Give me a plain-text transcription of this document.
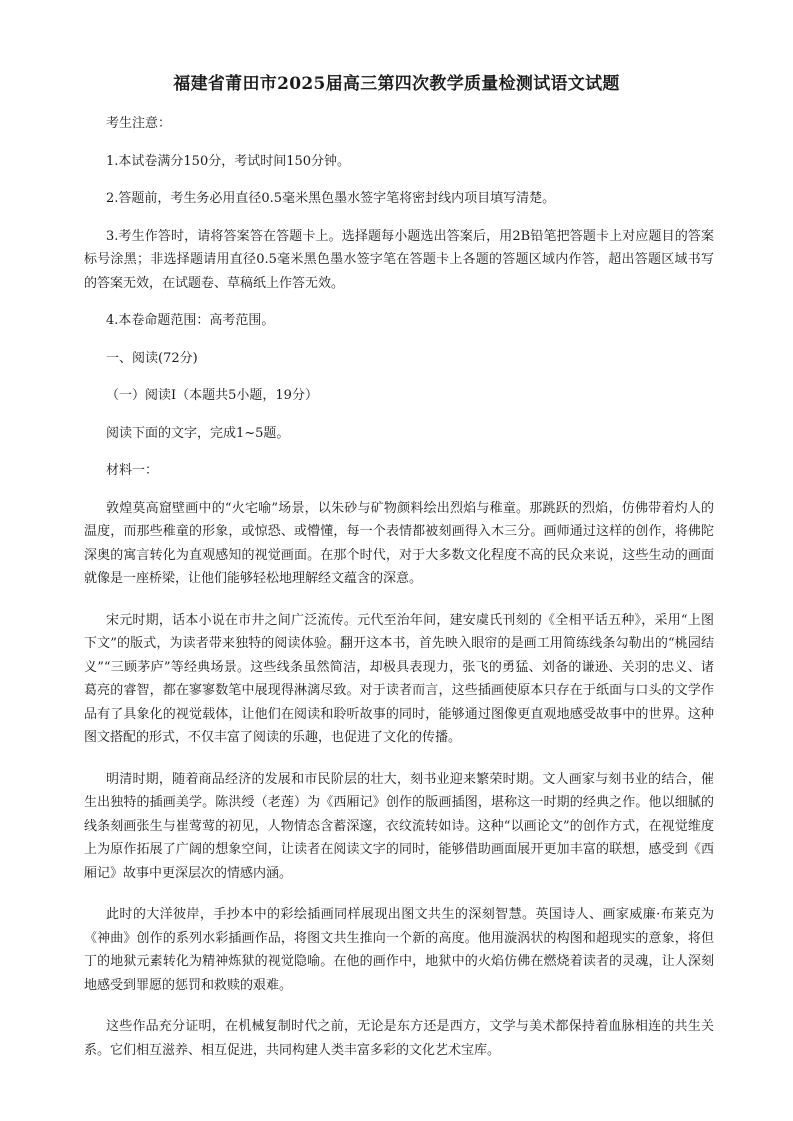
福建省莆田市2025届高三第四次教学质量检测试语文试题

考生注意：

1.本试卷满分150分，考试时间150分钟。

2.答题前，考生务必用直径0.5毫米黑色墨水签字笔将密封线内项目填写清楚。

3.考生作答时，请将答案答在答题卡上。选择题每小题选出答案后，用2B铅笔把答题卡上对应题目的答案标号涂黑；非选择题请用直径0.5毫米黑色墨水签字笔在答题卡上各题的答题区域内作答，超出答题区域书写的答案无效，在试题卷、草稿纸上作答无效。

4.本卷命题范围：高考范围。

一、阅读(72分)

（一）阅读Ⅰ（本题共5小题，19分）

阅读下面的文字，完成1~5题。

材料一：

敦煌莫高窟壁画中的“火宅喻”场景，以朱砂与矿物颜料绘出烈焰与稚童。那跳跃的烈焰，仿佛带着灼人的温度，而那些稚童的形象，或惊恐、或懵懂，每一个表情都被刻画得入木三分。画师通过这样的创作，将佛陀深奥的寓言转化为直观感知的视觉画面。在那个时代，对于大多数文化程度不高的民众来说，这些生动的画面就像是一座桥梁，让他们能够轻松地理解经文蕴含的深意。

宋元时期，话本小说在市井之间广泛流传。元代至治年间，建安虞氏刊刻的《全相平话五种》，采用“上图下文”的版式，为读者带来独特的阅读体验。翻开这本书，首先映入眼帘的是画工用简练线条勾勒出的“桃园结义”“三顾茅庐”等经典场景。这些线条虽然简洁，却极具表现力，张飞的勇猛、刘备的谦逊、关羽的忠义、诸葛亮的睿智，都在寥寥数笔中展现得淋漓尽致。对于读者而言，这些插画使原本只存在于纸面与口头的文学作品有了具象化的视觉载体，让他们在阅读和聆听故事的同时，能够通过图像更直观地感受故事中的世界。这种图文搭配的形式，不仅丰富了阅读的乐趣，也促进了文化的传播。

明清时期，随着商品经济的发展和市民阶层的壮大，刻书业迎来繁荣时期。文人画家与刻书业的结合，催生出独特的插画美学。陈洪绶（老莲）为《西厢记》创作的版画插图，堪称这一时期的经典之作。他以细腻的线条刻画张生与崔莺莺的初见，人物情态含蓄深邃，衣纹流转如诗。这种“以画论文”的创作方式，在视觉维度上为原作拓展了广阔的想象空间，让读者在阅读文字的同时，能够借助画面展开更加丰富的联想，感受到《西厢记》故事中更深层次的情感内涵。

此时的大洋彼岸，手抄本中的彩绘插画同样展现出图文共生的深刻智慧。英国诗人、画家威廉·布莱克为《神曲》创作的系列水彩插画作品，将图文共生推向一个新的高度。他用漩涡状的构图和超现实的意象，将但丁的地狱元素转化为精神炼狱的视觉隐喻。在他的画作中，地狱中的火焰仿佛在燃烧着读者的灵魂，让人深刻地感受到罪愿的惩罚和救赎的艰难。

这些作品充分证明，在机械复制时代之前，无论是东方还是西方，文学与美术都保持着血脉相连的共生关系。它们相互滋养、相互促进，共同构建人类丰富多彩的文化艺术宝库。
